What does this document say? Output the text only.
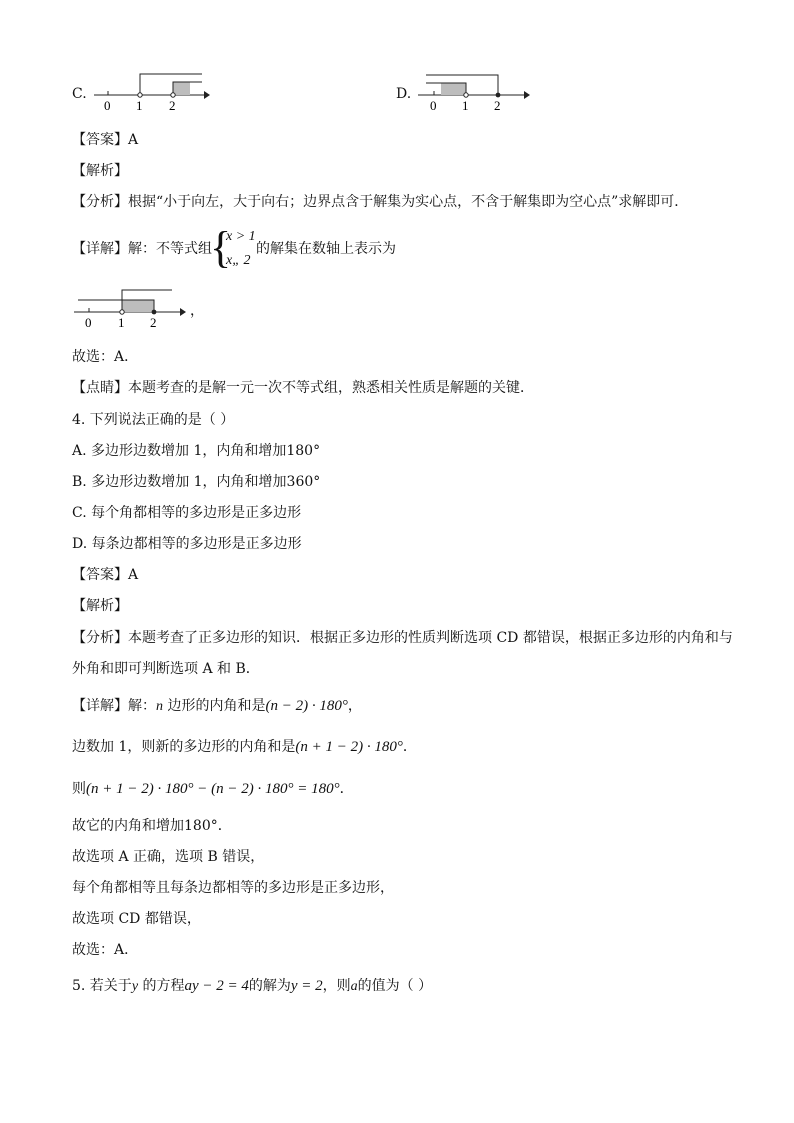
C.
0 1 2
D.
0 1 2
【答案】A
【解析】
【分析】根据“小于向左，大于向右；边界点含于解集为实心点，不含于解集即为空心点”求解即可．
【详解】解：不等式组
{
x > 1
x„ 2
的解集在数轴上表示为
0 1 2
，
故选：A．
【点睛】本题考查的是解一元一次不等式组，熟悉相关性质是解题的关键．
4. 下列说法正确的是（ ）
A. 多边形边数增加 1，内角和增加180°
B. 多边形边数增加 1，内角和增加360°
C. 每个角都相等的多边形是正多边形
D. 每条边都相等的多边形是正多边形
【答案】A
【解析】
【分析】本题考查了正多边形的知识．根据正多边形的性质判断选项 CD 都错误，根据正多边形的内角和与
外角和即可判断选项 A 和 B．
【详解】解：n 边形的内角和是(n − 2) · 180°，
边数加 1，则新的多边形的内角和是(n + 1 − 2) · 180°．
则(n + 1 − 2) · 180° − (n − 2) · 180° = 180°．
故它的内角和增加180°．
故选项 A 正确，选项 B 错误，
每个角都相等且每条边都相等的多边形是正多边形，
故选项 CD 都错误，
故选：A．
5. 若关于y 的方程ay − 2 = 4的解为y = 2，则a的值为（ ）
